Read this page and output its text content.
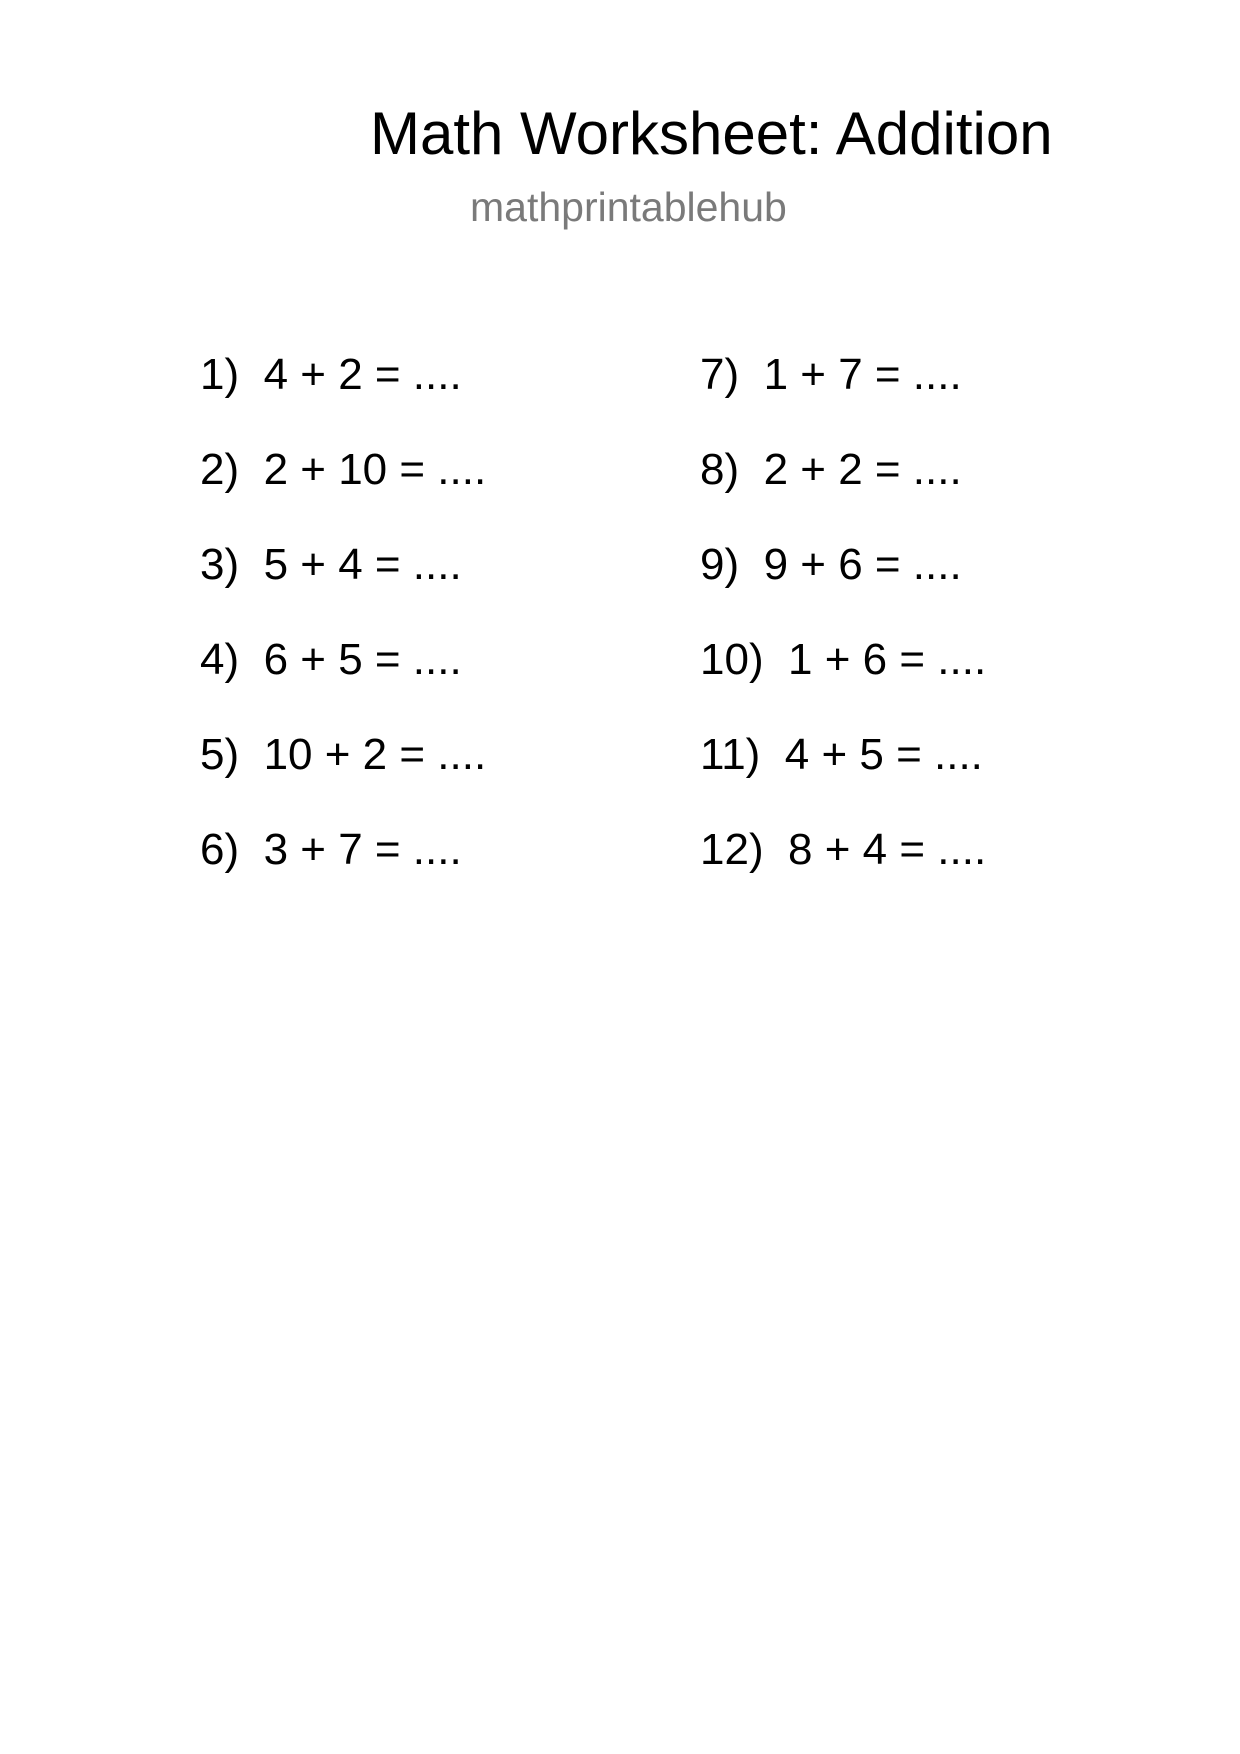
Math Worksheet: Addition
mathprintablehub
1) 4 + 2 = ....
2) 2 + 10 = ....
3) 5 + 4 = ....
4) 6 + 5 = ....
5) 10 + 2 = ....
6) 3 + 7 = ....
7) 1 + 7 = ....
8) 2 + 2 = ....
9) 9 + 6 = ....
10) 1 + 6 = ....
11) 4 + 5 = ....
12) 8 + 4 = ....
